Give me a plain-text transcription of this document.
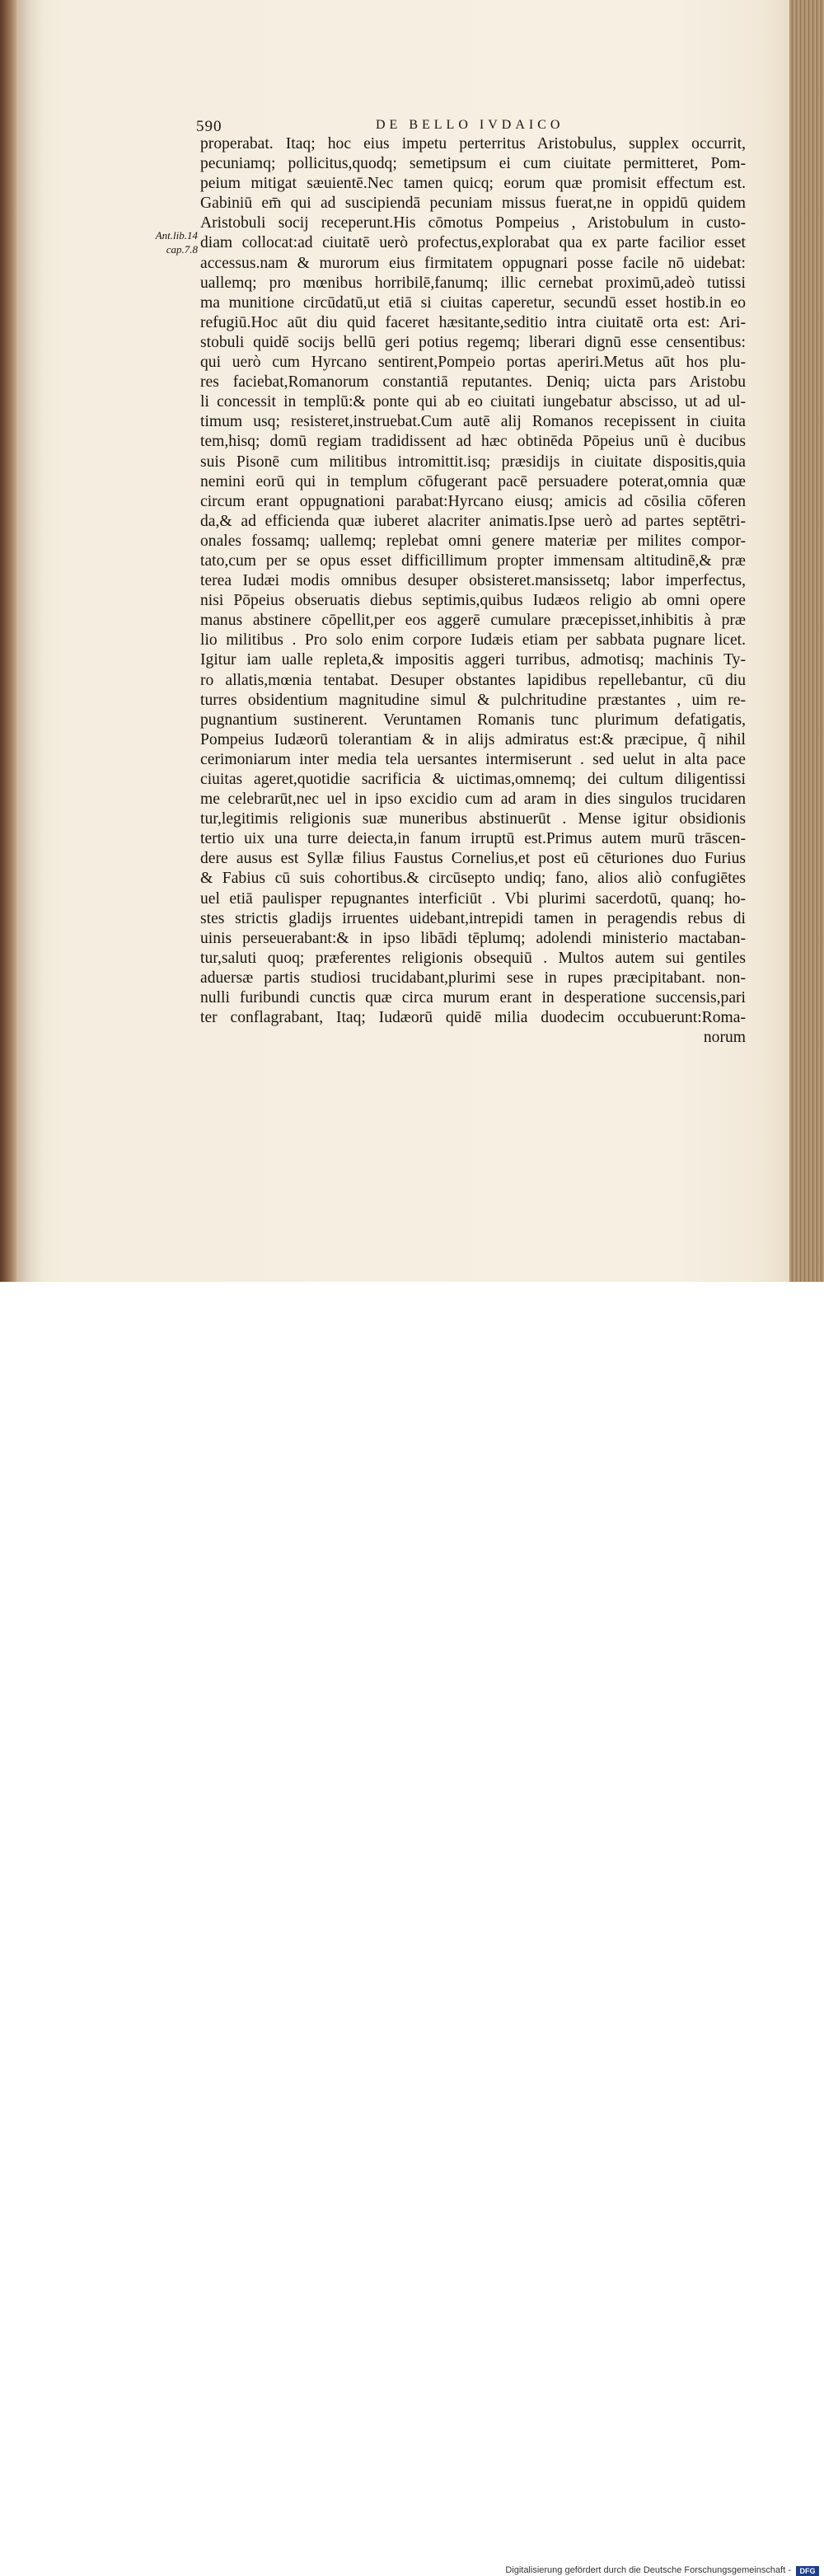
590	DE BELLO IVDAICO
Ant.lib.14
cap.7.8
properabat. Itaq; hoc eius impetu perterritus Aristobulus, supplex occurrit,
pecuniamq; pollicitus,quodq; semetipsum ei cum ciuitate permitteret, Pom-
peium mitigat sæuientē.Nec tamen quicq; eorum quæ promisit effectum est.
Gabiniū em̄ qui ad suscipiendā pecuniam missus fuerat,ne in oppidū quidem
Aristobuli socij receperunt.His cōmotus Pompeius , Aristobulum in custo-
diam collocat:ad ciuitatē uerò profectus,explorabat qua ex parte facilior esset
accessus.nam & murorum eius firmitatem oppugnari posse facile nō uidebat:
uallemq; pro mœnibus horribilē,fanumq; illic cernebat proximū,adeò tutissi
ma munitione circūdatū,ut etiā si ciuitas caperetur, secundū esset hostib.in eo
refugiū.Hoc aūt diu quid faceret hæsitante,seditio intra ciuitatē orta est: Ari-
stobuli quidē socijs bellū geri potius regemq; liberari dignū esse censentibus:
qui uerò cum Hyrcano sentirent,Pompeio portas aperiri.Metus aūt hos plu-
res faciebat,Romanorum constantiā reputantes. Deniq; uicta pars Aristobu
li concessit in templū:& ponte qui ab eo ciuitati iungebatur abscisso, ut ad ul-
timum usq; resisteret,instruebat.Cum autē alij Romanos recepissent in ciuita
tem,hisq; domū regiam tradidissent ad hæc obtinēda Pōpeius unū è ducibus
suis Pisonē cum militibus intromittit.isq; præsidijs in ciuitate dispositis,quia
nemini eorū qui in templum cōfugerant pacē persuadere poterat,omnia quæ
circum erant oppugnationi parabat:Hyrcano eiusq; amicis ad cōsilia cōferen
da,& ad efficienda quæ iuberet alacriter animatis.Ipse uerò ad partes septētri-
onales fossamq; uallemq; replebat omni genere materiæ per milites compor-
tato,cum per se opus esset difficillimum propter immensam altitudinē,& præ
terea Iudæi modis omnibus desuper obsisteret.mansissetq; labor imperfectus,
nisi Pōpeius obseruatis diebus septimis,quibus Iudæos religio ab omni opere
manus abstinere cōpellit,per eos aggerē cumulare præcepisset,inhibitis à præ
lio militibus . Pro solo enim corpore Iudæis etiam per sabbata pugnare licet.
Igitur iam ualle repleta,& impositis aggeri turribus, admotisq; machinis Ty-
ro allatis,mœnia tentabat. Desuper obstantes lapidibus repellebantur, cū diu
turres obsidentium magnitudine simul & pulchritudine præstantes , uim re-
pugnantium sustinerent. Veruntamen Romanis tunc plurimum defatigatis,
Pompeius Iudæorū tolerantiam & in alijs admiratus est:& præcipue, q̃ nihil
cerimoniarum inter media tela uersantes intermiserunt . sed uelut in alta pace
ciuitas ageret,quotidie sacrificia & uictimas,omnemq; dei cultum diligentissi
me celebrarūt,nec uel in ipso excidio cum ad aram in dies singulos trucidaren
tur,legitimis religionis suæ muneribus abstinuerūt . Mense igitur obsidionis
tertio uix una turre deiecta,in fanum irruptū est.Primus autem murū trāscen-
dere ausus est Syllæ filius Faustus Cornelius,et post eū cēturiones duo Furius
& Fabius cū suis cohortibus.& circūsepto undiq; fano, alios aliò confugiētes
uel etiā paulisper repugnantes interficiūt . Vbi plurimi sacerdotū, quanq; ho-
stes strictis gladijs irruentes uidebant,intrepidi tamen in peragendis rebus di
uinis perseuerabant:& in ipso libādi tēplumq; adolendi ministerio mactaban-
tur,saluti quoq; præferentes religionis obsequiū . Multos autem sui gentiles
aduersæ partis studiosi trucidabant,plurimi sese in rupes præcipitabant. non-
nulli furibundi cunctis quæ circa murum erant in desperatione succensis,pari
ter conflagrabant, Itaq; Iudæorū quidē milia duodecim occubuerunt:Roma-
norum
Digitalisierung gefördert durch die Deutsche Forschungsgemeinschaft -	DFG
